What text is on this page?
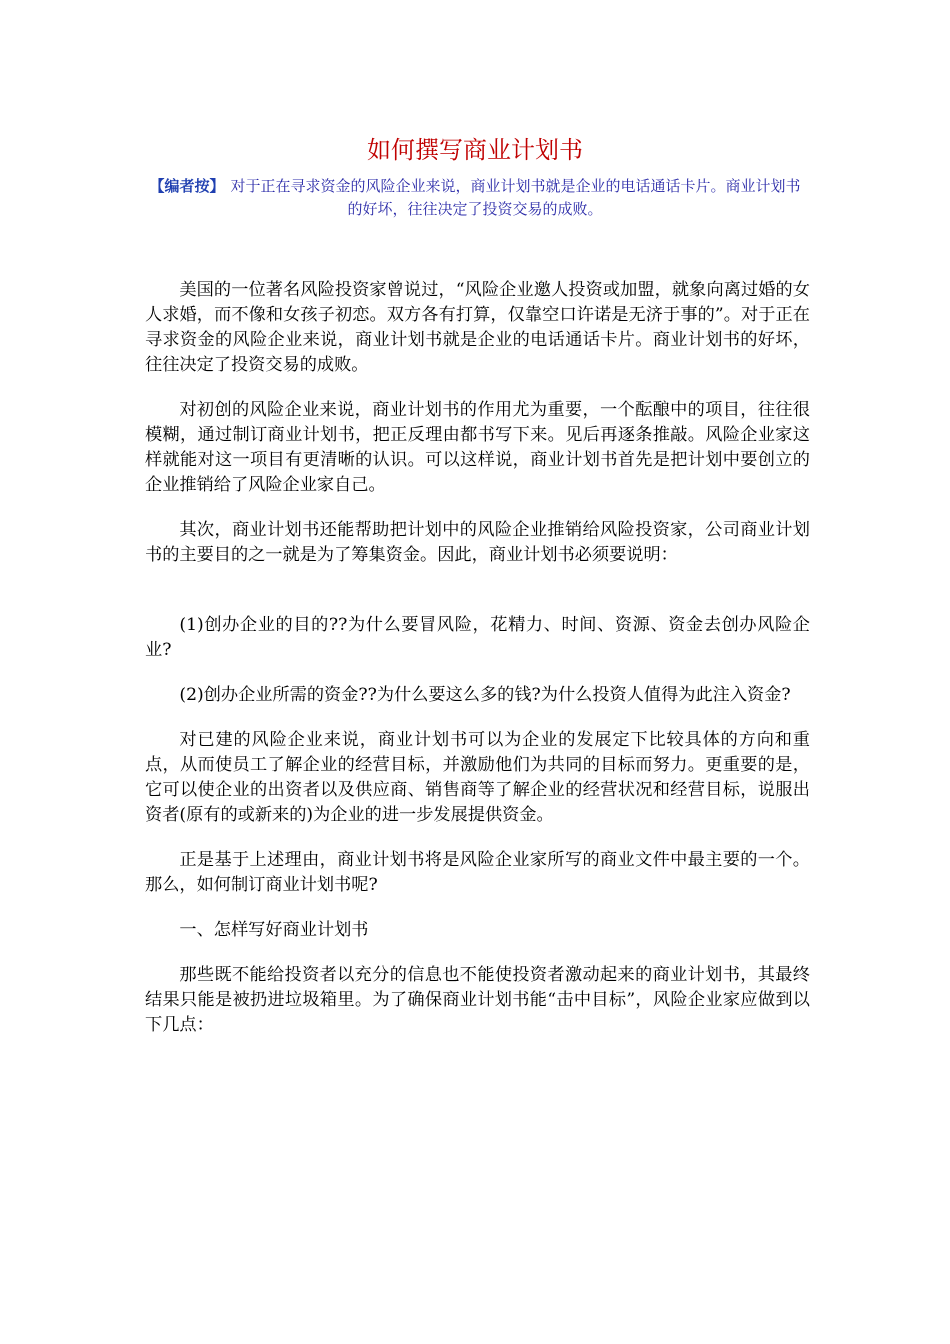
如何撰写商业计划书
【编者按】 对于正在寻求资金的风险企业来说，商业计划书就是企业的电话通话卡片。商业计划书的好坏，往往决定了投资交易的成败。

美国的一位著名风险投资家曾说过，“风险企业邀人投资或加盟，就象向离过婚的女人求婚，而不像和女孩子初恋。双方各有打算，仅靠空口许诺是无济于事的”。对于正在寻求资金的风险企业来说，商业计划书就是企业的电话通话卡片。商业计划书的好坏，往往决定了投资交易的成败。

对初创的风险企业来说，商业计划书的作用尤为重要，一个酝酿中的项目，往往很模糊，通过制订商业计划书，把正反理由都书写下来。见后再逐条推敲。风险企业家这样就能对这一项目有更清晰的认识。可以这样说，商业计划书首先是把计划中要创立的企业推销给了风险企业家自己。

其次，商业计划书还能帮助把计划中的风险企业推销给风险投资家，公司商业计划书的主要目的之一就是为了筹集资金。因此，商业计划书必须要说明：

(1)创办企业的目的??为什么要冒风险，花精力、时间、资源、资金去创办风险企业?

(2)创办企业所需的资金??为什么要这么多的钱?为什么投资人值得为此注入资金?

对已建的风险企业来说，商业计划书可以为企业的发展定下比较具体的方向和重点，从而使员工了解企业的经营目标，并激励他们为共同的目标而努力。更重要的是，它可以使企业的出资者以及供应商、销售商等了解企业的经营状况和经营目标，说服出资者(原有的或新来的)为企业的进一步发展提供资金。

正是基于上述理由，商业计划书将是风险企业家所写的商业文件中最主要的一个。那么，如何制订商业计划书呢?

一、怎样写好商业计划书

那些既不能给投资者以充分的信息也不能使投资者激动起来的商业计划书，其最终结果只能是被扔进垃圾箱里。为了确保商业计划书能“击中目标”，风险企业家应做到以下几点：
